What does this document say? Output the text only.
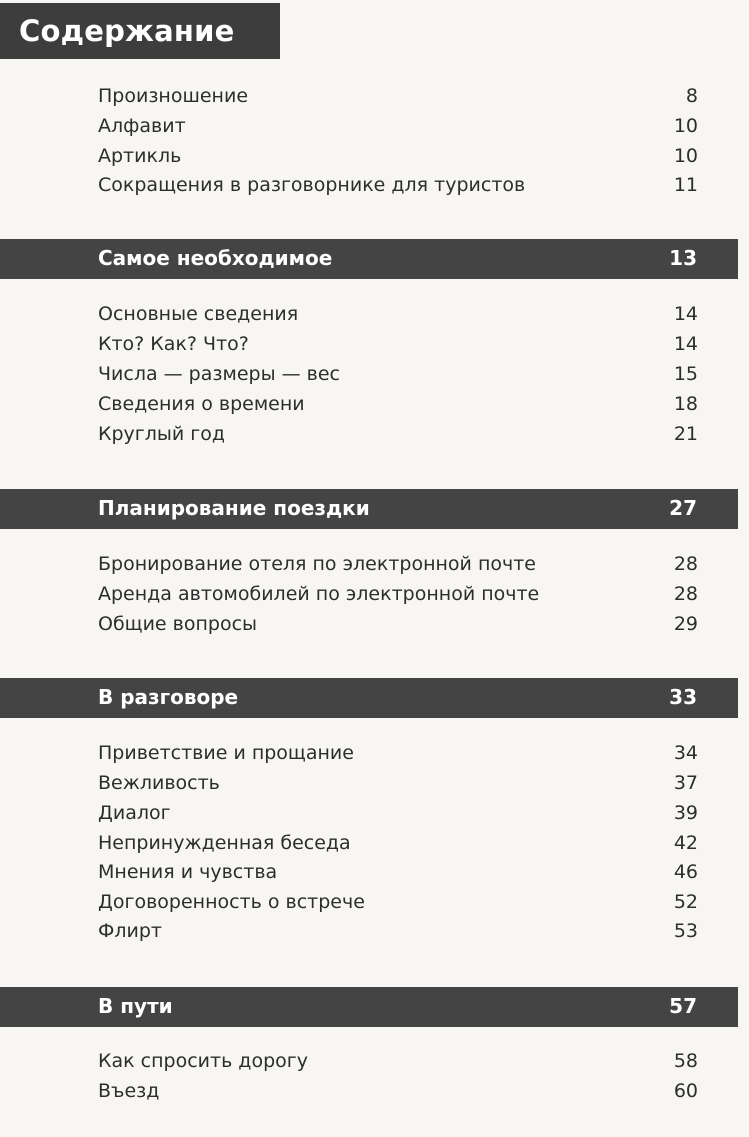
Содержание
Произношение	8
Алфавит	10
Артикль	10
Сокращения в разговорнике для туристов	11
Самое необходимое	13
Основные сведения	14
Кто? Как? Что?	14
Числа — размеры — вес	15
Сведения о времени	18
Круглый год	21
Планирование поездки	27
Бронирование отеля по электронной почте	28
Аренда автомобилей по электронной почте	28
Общие вопросы	29
В разговоре	33
Приветствие и прощание	34
Вежливость	37
Диалог	39
Непринужденная беседа	42
Мнения и чувства	46
Договоренность о встрече	52
Флирт	53
В пути	57
Как спросить дорогу	58
Въезд	60
